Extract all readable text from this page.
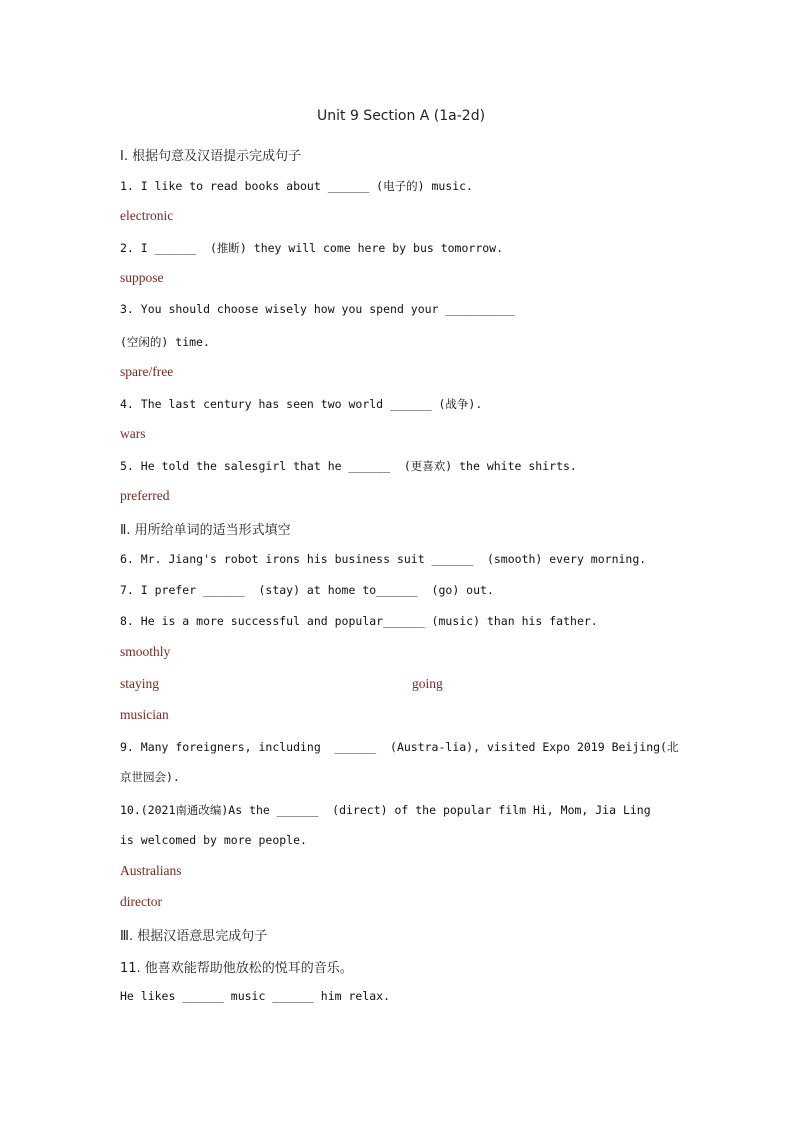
Unit 9 Section A (1a-2d)
Ⅰ. 根据句意及汉语提示完成句子
1. I like to read books about ______ (电子的) music.
electronic
2. I ______  (推断) they will come here by bus tomorrow.
suppose
3. You should choose wisely how you spend your __________
(空闲的) time.
spare/free
4. The last century has seen two world ______ (战争).
wars
5. He told the salesgirl that he ______  (更喜欢) the white shirts.
preferred
Ⅱ. 用所给单词的适当形式填空
6. Mr. Jiang's robot irons his business suit ______  (smooth) every morning.
7. I prefer ______  (stay) at home to______  (go) out.
8. He is a more successful and popular______ (music) than his father.
smoothly
staying	going
musician
9. Many foreigners, including  ______  (Austra-lia), visited Expo 2019 Beijing(北
京世园会).
10.(2021南通改编)As the ______  (direct) of the popular film Hi, Mom, Jia Ling
is welcomed by more people.
Australians
director
Ⅲ. 根据汉语意思完成句子
11. 他喜欢能帮助他放松的悦耳的音乐。
He likes ______ music ______ him relax.
